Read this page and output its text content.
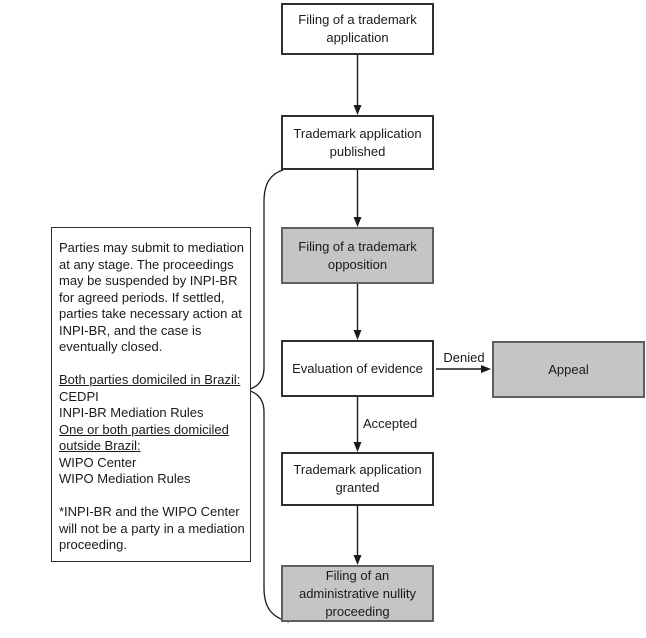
Filing of a trademark
application
Trademark application
published
Filing of a trademark
opposition
Evaluation of evidence	Appeal
Trademark application
granted
Filing of an
administrative nullity
proceeding
Denied
Accepted
Parties may submit to mediation
at any stage. The proceedings
may be suspended by INPI-BR
for agreed periods. If settled,
parties take necessary action at
INPI-BR, and the case is
eventually closed.
Both parties domiciled in Brazil:
CEDPI
INPI-BR Mediation Rules
One or both parties domiciled
outside Brazil:
WIPO Center
WIPO Mediation Rules
*INPI-BR and the WIPO Center
will not be a party in a mediation
proceeding.
